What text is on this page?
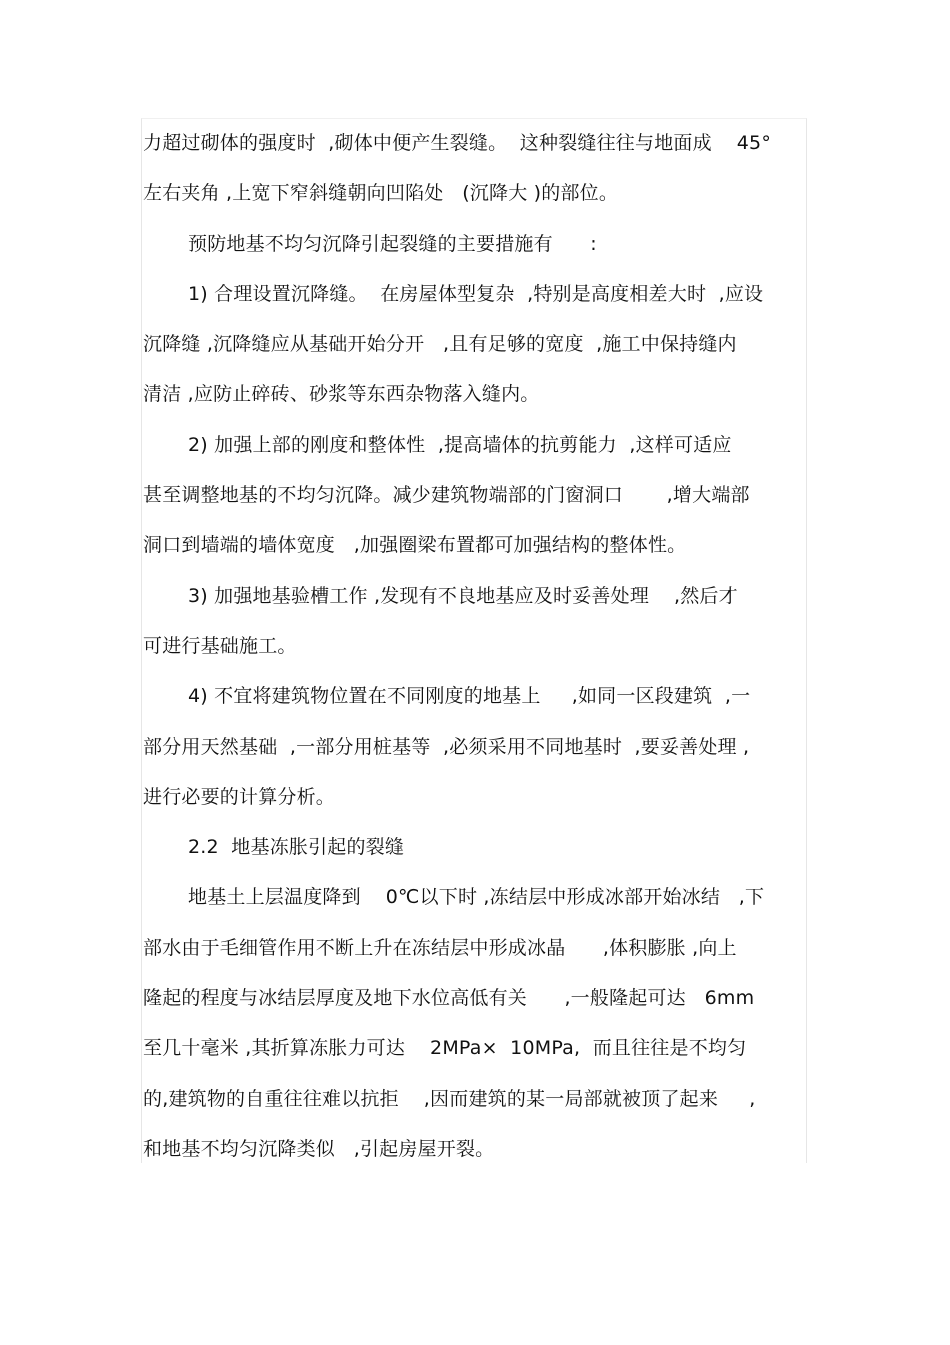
力超过砌体的强度时  ,砌体中便产生裂缝。  这种裂缝往往与地面成    45°
左右夹角 ,上宽下窄斜缝朝向凹陷处   (沉降大 )的部位。
预防地基不均匀沉降引起裂缝的主要措施有      :
1) 合理设置沉降缝。  在房屋体型复杂  ,特别是高度相差大时  ,应设
沉降缝 ,沉降缝应从基础开始分开   ,且有足够的宽度  ,施工中保持缝内
清洁 ,应防止碎砖、砂浆等东西杂物落入缝内。
2) 加强上部的刚度和整体性  ,提高墙体的抗剪能力  ,这样可适应
甚至调整地基的不均匀沉降。减少建筑物端部的门窗洞口       ,增大端部
洞口到墙端的墙体宽度   ,加强圈梁布置都可加强结构的整体性。
3) 加强地基验槽工作 ,发现有不良地基应及时妥善处理    ,然后才
可进行基础施工。
4) 不宜将建筑物位置在不同刚度的地基上     ,如同一区段建筑  ,一
部分用天然基础  ,一部分用桩基等  ,必须采用不同地基时  ,要妥善处理 ,
进行必要的计算分析。
2.2  地基冻胀引起的裂缝
地基土上层温度降到    0℃以下时 ,冻结层中形成冰部开始冰结   ,下
部水由于毛细管作用不断上升在冻结层中形成冰晶      ,体积膨胀 ,向上
隆起的程度与冰结层厚度及地下水位高低有关      ,一般隆起可达   6mm
至几十毫米 ,其折算冻胀力可达    2MPa×  10MPa,  而且往往是不均匀
的,建筑物的自重往往难以抗拒    ,因而建筑的某一局部就被顶了起来     ,
和地基不均匀沉降类似   ,引起房屋开裂。
